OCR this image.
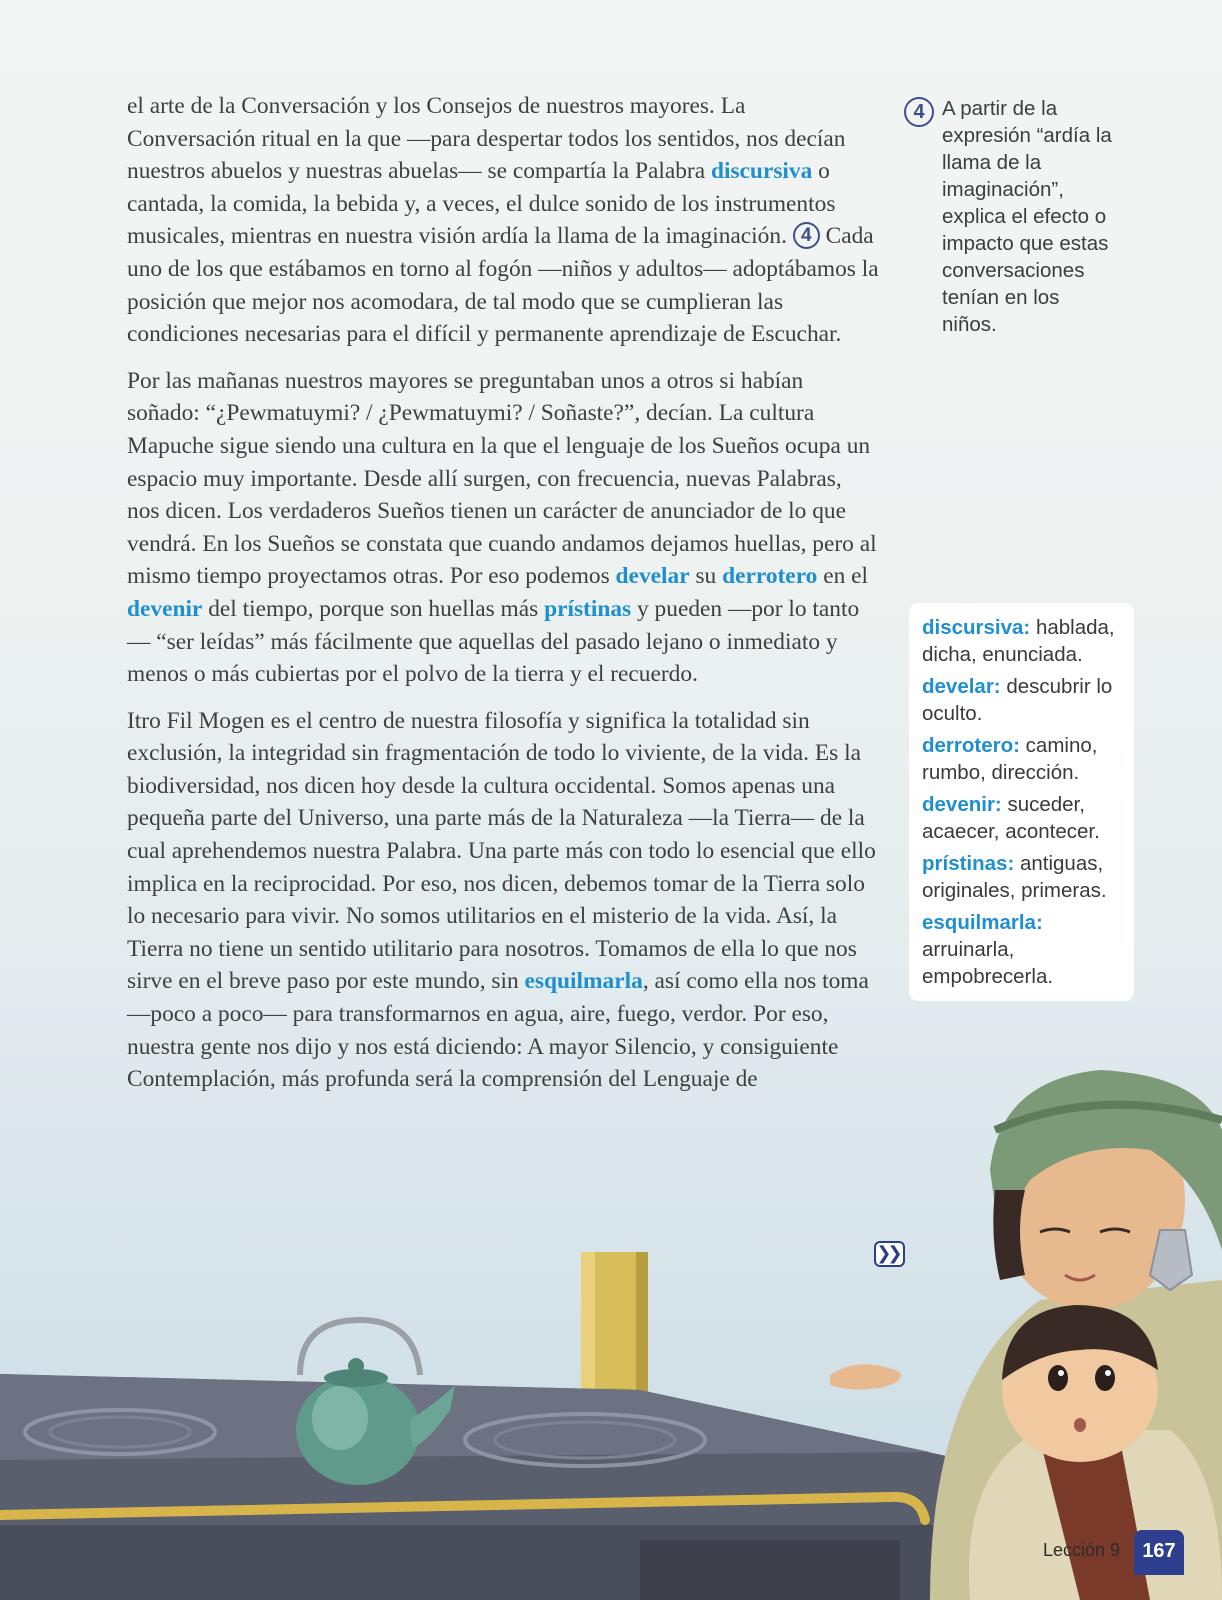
el arte de la Conversación y los Consejos de nuestros mayores. La Conversación ritual en la que —para despertar todos los sentidos, nos decían nuestros abuelos y nuestras abuelas— se compartía la Palabra discursiva o cantada, la comida, la bebida y, a veces, el dulce sonido de los instrumentos musicales, mientras en nuestra visión ardía la llama de la imaginación. 4 Cada uno de los que estábamos en torno al fogón —niños y adultos— adoptábamos la posición que mejor nos acomodara, de tal modo que se cumplieran las condiciones necesarias para el difícil y permanente aprendizaje de Escuchar.

Por las mañanas nuestros mayores se preguntaban unos a otros si habían soñado: “¿Pewmatuymi? / ¿Pewmatuymi? / Soñaste?”, decían. La cultura Mapuche sigue siendo una cultura en la que el lenguaje de los Sueños ocupa un espacio muy importante. Desde allí surgen, con frecuencia, nuevas Palabras, nos dicen. Los verdaderos Sueños tienen un carácter de anunciador de lo que vendrá. En los Sueños se constata que cuando andamos dejamos huellas, pero al mismo tiempo proyectamos otras. Por eso podemos develar su derrotero en el devenir del tiempo, porque son huellas más prístinas y pueden —por lo tanto— “ser leídas” más fácilmente que aquellas del pasado lejano o inmediato y menos o más cubiertas por el polvo de la tierra y el recuerdo.

Itro Fil Mogen es el centro de nuestra filosofía y significa la totalidad sin exclusión, la integridad sin fragmentación de todo lo viviente, de la vida. Es la biodiversidad, nos dicen hoy desde la cultura occidental. Somos apenas una pequeña parte del Universo, una parte más de la Naturaleza —la Tierra— de la cual aprehendemos nuestra Palabra. Una parte más con todo lo esencial que ello implica en la reciprocidad. Por eso, nos dicen, debemos tomar de la Tierra solo lo necesario para vivir. No somos utilitarios en el misterio de la vida. Así, la Tierra no tiene un sentido utilitario para nosotros. Tomamos de ella lo que nos sirve en el breve paso por este mundo, sin esquilmarla, así como ella nos toma —poco a poco— para transformarnos en agua, aire, fuego, verdor. Por eso, nuestra gente nos dijo y nos está diciendo: A mayor Silencio, y consiguiente Contemplación, más profunda será la comprensión del Lenguaje de

❯❯
4 A partir de la expresión “ardía la llama de la imaginación”, explica el efecto o impacto que estas conversaciones tenían en los niños.
discursiva: hablada, dicha, enunciada.
develar: descubrir lo oculto.
derrotero: camino, rumbo, dirección.
devenir: suceder, acaecer, acontecer.
prístinas: antiguas, originales, primeras.
esquilmarla: arruinarla, empobrecerla.
Lección 9	167
